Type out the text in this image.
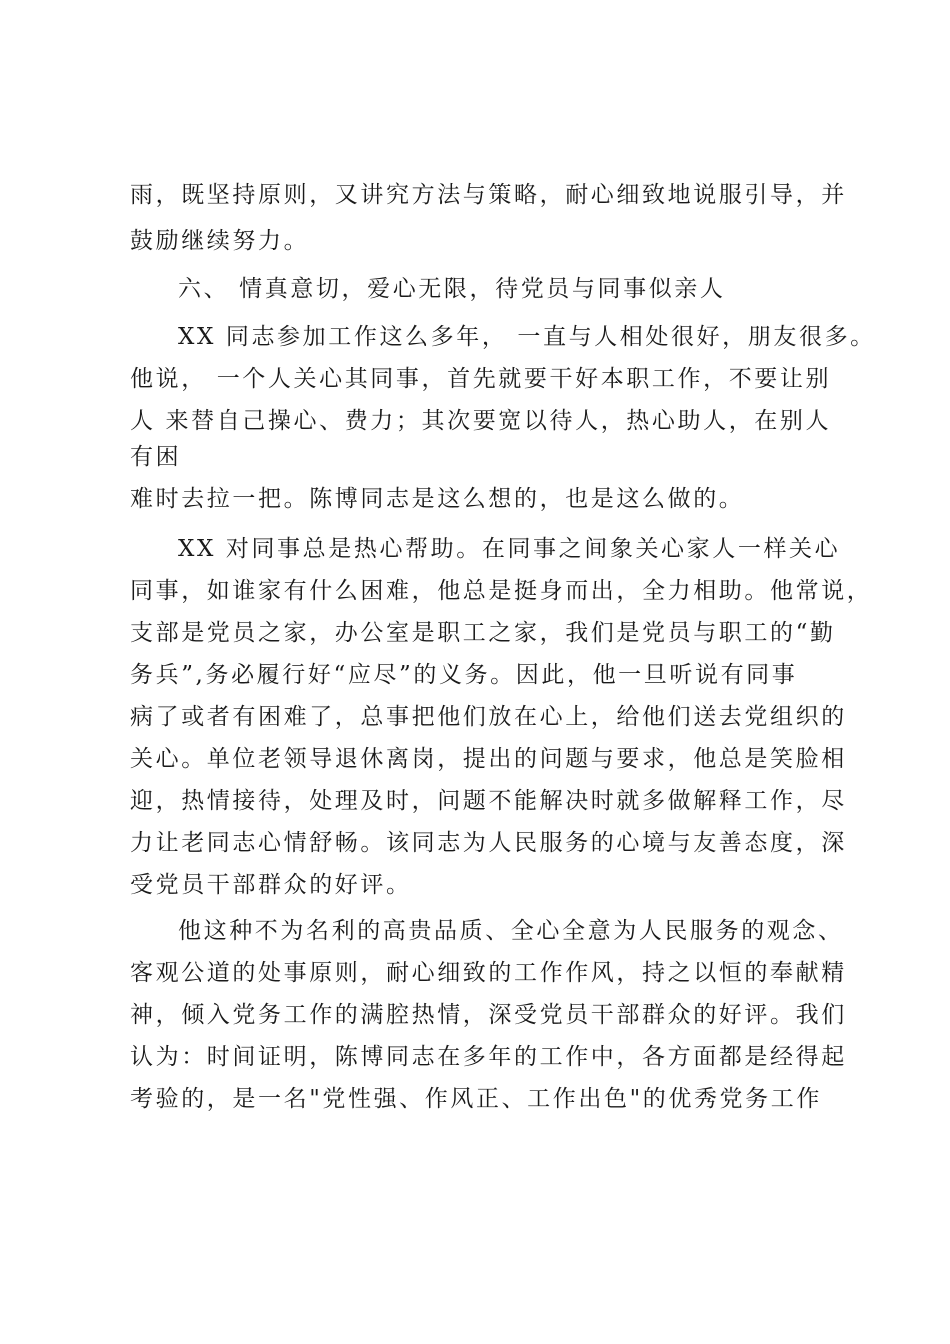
雨，既坚持原则，又讲究方法与策略，耐心细致地说服引导，并

鼓励继续努力。

六、 情真意切，爱心无限，待党员与同事似亲人

XX 同志参加工作这么多年， 一直与人相处很好，朋友很多。

他说， 一个人关心其同事，首先就要干好本职工作，不要让别

人 来替自己操心、费力；其次要宽以待人，热心助人，在别人

有困

难时去拉一把。陈博同志是这么想的，也是这么做的。

XX 对同事总是热心帮助。在同事之间象关心家人一样关心

同事，如谁家有什么困难，他总是挺身而出，全力相助。他常说，

支部是党员之家，办公室是职工之家，我们是党员与职工的“勤

务兵”,务必履行好“应尽”的义务。因此，他一旦听说有同事

病了或者有困难了，总事把他们放在心上，给他们送去党组织的

关心。单位老领导退休离岗，提出的问题与要求，他总是笑脸相

迎，热情接待，处理及时，问题不能解决时就多做解释工作，尽

力让老同志心情舒畅。该同志为人民服务的心境与友善态度，深

受党员干部群众的好评。

他这种不为名利的高贵品质、全心全意为人民服务的观念、

客观公道的处事原则，耐心细致的工作作风，持之以恒的奉献精

神，倾入党务工作的满腔热情，深受党员干部群众的好评。我们

认为：时间证明，陈博同志在多年的工作中，各方面都是经得起

考验的，是一名"党性强、作风正、工作出色"的优秀党务工作
